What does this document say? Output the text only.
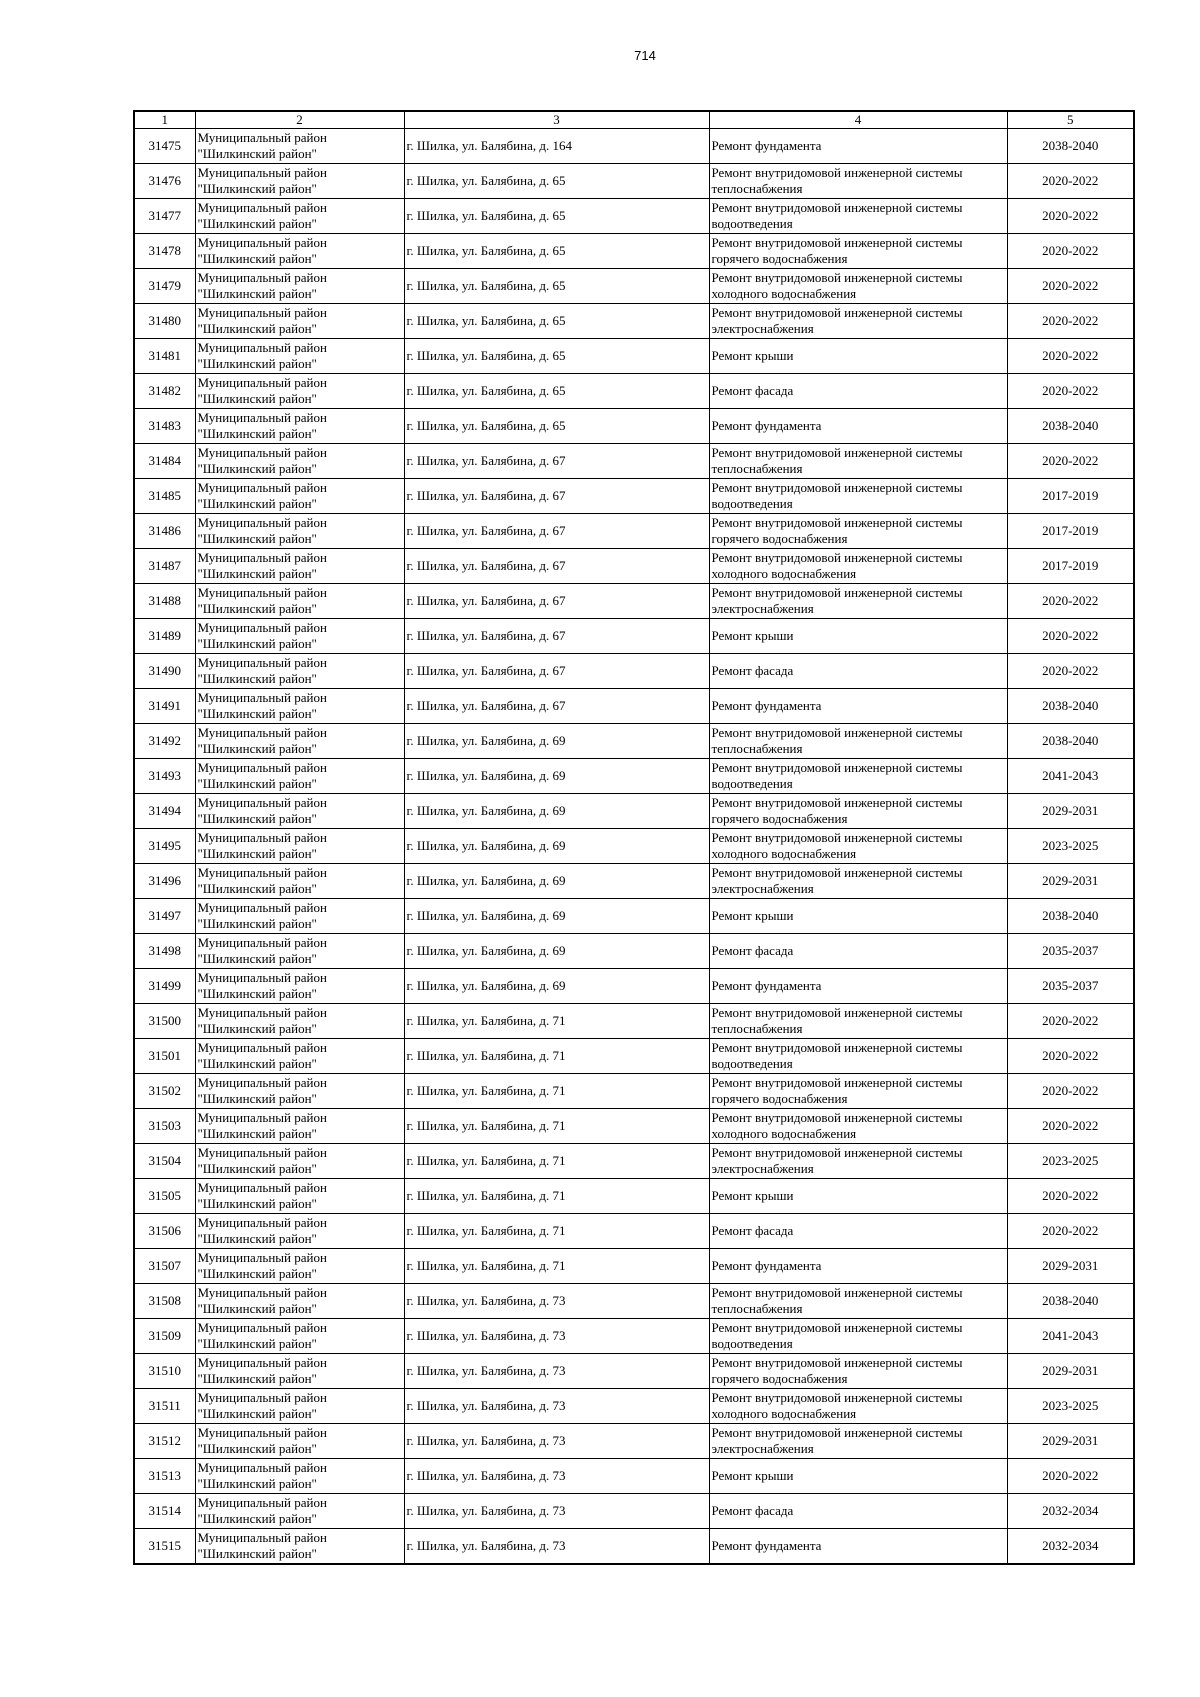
714
1	2	3	4	5
31475	Муниципальный район
"Шилкинский район"	г. Шилка, ул. Балябина, д. 164	Ремонт фундамента	2038-2040
31476	Муниципальный район
"Шилкинский район"	г. Шилка, ул. Балябина, д. 65	Ремонт внутридомовой инженерной системы
теплоснабжения	2020-2022
31477	Муниципальный район
"Шилкинский район"	г. Шилка, ул. Балябина, д. 65	Ремонт внутридомовой инженерной системы
водоотведения	2020-2022
31478	Муниципальный район
"Шилкинский район"	г. Шилка, ул. Балябина, д. 65	Ремонт внутридомовой инженерной системы
горячего водоснабжения	2020-2022
31479	Муниципальный район
"Шилкинский район"	г. Шилка, ул. Балябина, д. 65	Ремонт внутридомовой инженерной системы
холодного водоснабжения	2020-2022
31480	Муниципальный район
"Шилкинский район"	г. Шилка, ул. Балябина, д. 65	Ремонт внутридомовой инженерной системы
электроснабжения	2020-2022
31481	Муниципальный район
"Шилкинский район"	г. Шилка, ул. Балябина, д. 65	Ремонт крыши	2020-2022
31482	Муниципальный район
"Шилкинский район"	г. Шилка, ул. Балябина, д. 65	Ремонт фасада	2020-2022
31483	Муниципальный район
"Шилкинский район"	г. Шилка, ул. Балябина, д. 65	Ремонт фундамента	2038-2040
31484	Муниципальный район
"Шилкинский район"	г. Шилка, ул. Балябина, д. 67	Ремонт внутридомовой инженерной системы
теплоснабжения	2020-2022
31485	Муниципальный район
"Шилкинский район"	г. Шилка, ул. Балябина, д. 67	Ремонт внутридомовой инженерной системы
водоотведения	2017-2019
31486	Муниципальный район
"Шилкинский район"	г. Шилка, ул. Балябина, д. 67	Ремонт внутридомовой инженерной системы
горячего водоснабжения	2017-2019
31487	Муниципальный район
"Шилкинский район"	г. Шилка, ул. Балябина, д. 67	Ремонт внутридомовой инженерной системы
холодного водоснабжения	2017-2019
31488	Муниципальный район
"Шилкинский район"	г. Шилка, ул. Балябина, д. 67	Ремонт внутридомовой инженерной системы
электроснабжения	2020-2022
31489	Муниципальный район
"Шилкинский район"	г. Шилка, ул. Балябина, д. 67	Ремонт крыши	2020-2022
31490	Муниципальный район
"Шилкинский район"	г. Шилка, ул. Балябина, д. 67	Ремонт фасада	2020-2022
31491	Муниципальный район
"Шилкинский район"	г. Шилка, ул. Балябина, д. 67	Ремонт фундамента	2038-2040
31492	Муниципальный район
"Шилкинский район"	г. Шилка, ул. Балябина, д. 69	Ремонт внутридомовой инженерной системы
теплоснабжения	2038-2040
31493	Муниципальный район
"Шилкинский район"	г. Шилка, ул. Балябина, д. 69	Ремонт внутридомовой инженерной системы
водоотведения	2041-2043
31494	Муниципальный район
"Шилкинский район"	г. Шилка, ул. Балябина, д. 69	Ремонт внутридомовой инженерной системы
горячего водоснабжения	2029-2031
31495	Муниципальный район
"Шилкинский район"	г. Шилка, ул. Балябина, д. 69	Ремонт внутридомовой инженерной системы
холодного водоснабжения	2023-2025
31496	Муниципальный район
"Шилкинский район"	г. Шилка, ул. Балябина, д. 69	Ремонт внутридомовой инженерной системы
электроснабжения	2029-2031
31497	Муниципальный район
"Шилкинский район"	г. Шилка, ул. Балябина, д. 69	Ремонт крыши	2038-2040
31498	Муниципальный район
"Шилкинский район"	г. Шилка, ул. Балябина, д. 69	Ремонт фасада	2035-2037
31499	Муниципальный район
"Шилкинский район"	г. Шилка, ул. Балябина, д. 69	Ремонт фундамента	2035-2037
31500	Муниципальный район
"Шилкинский район"	г. Шилка, ул. Балябина, д. 71	Ремонт внутридомовой инженерной системы
теплоснабжения	2020-2022
31501	Муниципальный район
"Шилкинский район"	г. Шилка, ул. Балябина, д. 71	Ремонт внутридомовой инженерной системы
водоотведения	2020-2022
31502	Муниципальный район
"Шилкинский район"	г. Шилка, ул. Балябина, д. 71	Ремонт внутридомовой инженерной системы
горячего водоснабжения	2020-2022
31503	Муниципальный район
"Шилкинский район"	г. Шилка, ул. Балябина, д. 71	Ремонт внутридомовой инженерной системы
холодного водоснабжения	2020-2022
31504	Муниципальный район
"Шилкинский район"	г. Шилка, ул. Балябина, д. 71	Ремонт внутридомовой инженерной системы
электроснабжения	2023-2025
31505	Муниципальный район
"Шилкинский район"	г. Шилка, ул. Балябина, д. 71	Ремонт крыши	2020-2022
31506	Муниципальный район
"Шилкинский район"	г. Шилка, ул. Балябина, д. 71	Ремонт фасада	2020-2022
31507	Муниципальный район
"Шилкинский район"	г. Шилка, ул. Балябина, д. 71	Ремонт фундамента	2029-2031
31508	Муниципальный район
"Шилкинский район"	г. Шилка, ул. Балябина, д. 73	Ремонт внутридомовой инженерной системы
теплоснабжения	2038-2040
31509	Муниципальный район
"Шилкинский район"	г. Шилка, ул. Балябина, д. 73	Ремонт внутридомовой инженерной системы
водоотведения	2041-2043
31510	Муниципальный район
"Шилкинский район"	г. Шилка, ул. Балябина, д. 73	Ремонт внутридомовой инженерной системы
горячего водоснабжения	2029-2031
31511	Муниципальный район
"Шилкинский район"	г. Шилка, ул. Балябина, д. 73	Ремонт внутридомовой инженерной системы
холодного водоснабжения	2023-2025
31512	Муниципальный район
"Шилкинский район"	г. Шилка, ул. Балябина, д. 73	Ремонт внутридомовой инженерной системы
электроснабжения	2029-2031
31513	Муниципальный район
"Шилкинский район"	г. Шилка, ул. Балябина, д. 73	Ремонт крыши	2020-2022
31514	Муниципальный район
"Шилкинский район"	г. Шилка, ул. Балябина, д. 73	Ремонт фасада	2032-2034
31515	Муниципальный район
"Шилкинский район"	г. Шилка, ул. Балябина, д. 73	Ремонт фундамента	2032-2034
